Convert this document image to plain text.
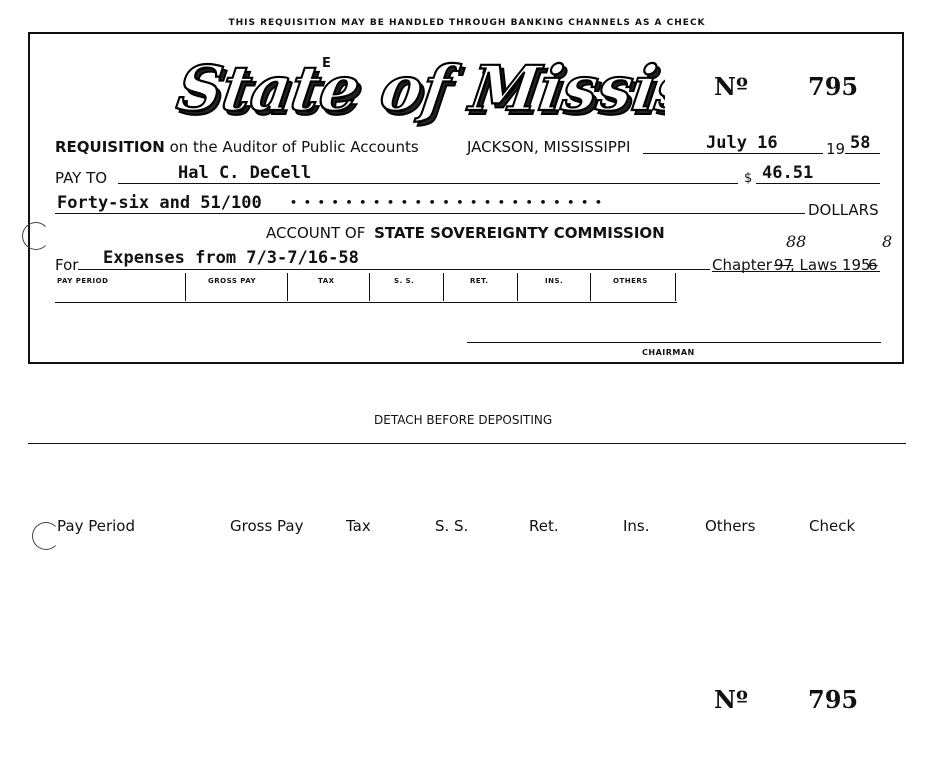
THIS REQUISITION MAY BE HANDLED THROUGH BANKING CHANNELS AS A CHECK
State of Mississippi
State of Mississippi
E
Nº	795
REQUISITION on the Auditor of Public Accounts	JACKSON, MISSISSIPPI	July 16	19 58
PAY TO	Hal C. DeCell	$ 46.51
Forty-six and 51/100	• • • • • • • • • • • • • • • • • • • • • • •	DOLLARS
ACCOUNT OF STATE SOVEREIGNTY COMMISSION
For Expenses from 7/3-7/16-58	Chapter 97
88
, Laws 195
6
8
PAY PERIOD	GROSS PAY	TAX	S. S.	RET.	INS.	OTHERS
CHAIRMAN
DETACH BEFORE DEPOSITING
Pay Period	Gross Pay	Tax	S. S.	Ret.	Ins.	Others	Check
Nº	795
